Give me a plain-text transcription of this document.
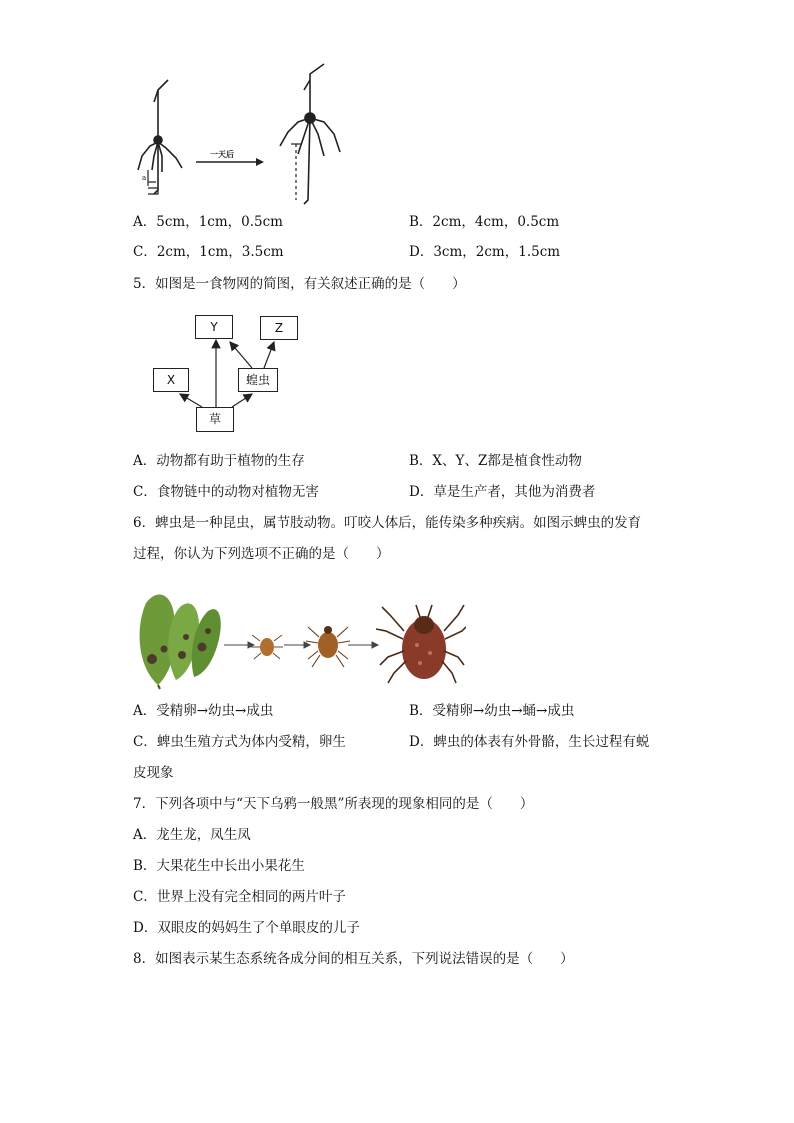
a
一天后
A．5cm，1cm，0.5cm	B．2cm，4cm，0.5cm
C．2cm，1cm，3.5cm	D．3cm，2cm，1.5cm
5．如图是一食物网的简图，有关叙述正确的是（　　）
Y	Z
X	蝗虫
草
A．动物都有助于植物的生存	B．X、Y、Z都是植食性动物
C．食物链中的动物对植物无害	D．草是生产者，其他为消费者
6．蜱虫是一种昆虫，属节肢动物。叮咬人体后，能传染多种疾病。如图示蜱虫的发育
过程，你认为下列选项不正确的是（　　）
A．受精卵→幼虫→成虫	B．受精卵→幼虫→蛹→成虫
C．蜱虫生殖方式为体内受精，卵生	D．蜱虫的体表有外骨骼，生长过程有蜕
皮现象
7．下列各项中与“天下乌鸦一般黑”所表现的现象相同的是（　　）
A．龙生龙，凤生凤
B．大果花生中长出小果花生
C．世界上没有完全相同的两片叶子
D．双眼皮的妈妈生了个单眼皮的儿子
8．如图表示某生态系统各成分间的相互关系，下列说法错误的是（　　）
